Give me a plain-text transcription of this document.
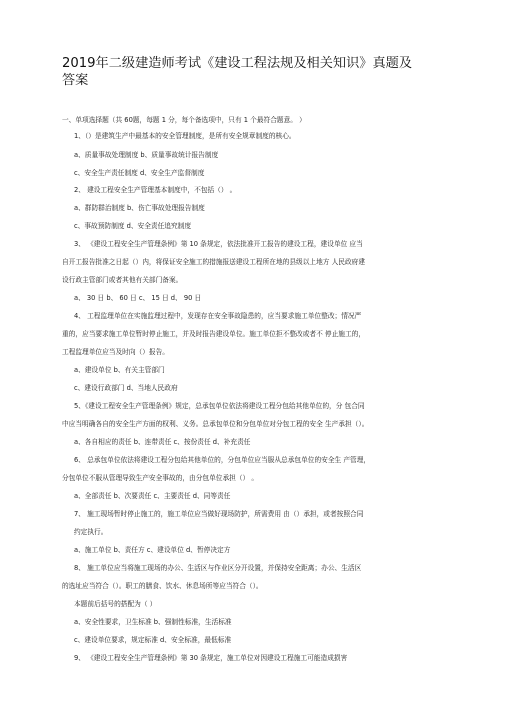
2019年二级建造师考试《建设工程法规及相关知识》真题及
答案
一、单项选择题（共 60题，每题 1 分，每个备选项中，只有 1 个最符合题意。 ）
1、（）是建筑生产中最基本的安全管理制度，是所有安全规章制度的核心。
a、质量事故处理制度 b、质量事故统计报告制度
c、安全生产责任制度 d、安全生产监督制度
2、 建设工程安全生产管理基本制度中，不包括（） 。
a、群防群治制度 b、伤亡事故处理报告制度
c、事故预防制度 d、安全责任追究制度
3、 《建设工程安全生产管理条例》第 10 条规定，依法批准开工报告的建设工程，建设单位 应当
自开工报告批准之日起（）内，将保证安全施工的措施报送建设工程所在地的县级以上地方 人民政府建
设行政主管部门或者其他有关部门备案。
a、 30 日 b、 60 日 c、 15 日 d、 90 日
4、 工程监理单位在实施监理过程中，发现存在安全事故隐患的，应当要求施工单位整改；情况严
重的，应当要求施工单位暂时停止施工，并及时报告建设单位。施工单位拒不整改或者不 停止施工的，
工程监理单位应当及时向（）报告。
a、建设单位 b、有关主管部门
c、建设行政部门 d、当地人民政府
5、《建设工程安全生产管理条例》规定，总承包单位依法将建设工程分包给其他单位的，分 包合同
中应当明确各自的安全生产方面的权利、义务。总承包单位和分包单位对分包工程的安全 生产承担（）。
a、各自相应的责任 b、连带责任 c、按份责任 d、补充责任
6、 总承包单位依法将建设工程分包给其他单位的，分包单位应当服从总承包单位的安全生 产管理，
分包单位不服从管理导致生产安全事故的，由分包单位承担（） 。
a、全部责任 b、次要责任 c、主要责任 d、同等责任
7、 施工现场暂时停止施工的，施工单位应当做好现场防护，所需费用 由（）承担，或者按照合同
约定执行。
a、施工单位 b、责任方 c、建设单位 d、暂停决定方
8、 施工单位应当将施工现场的办公、生活区与作业区分开设置，并保持安全距离；办公、生活区
的选址应当符合（）。职工的膳食、饮水、休息场所等应当符合（）。
本题前后括号的搭配为（ ）
a、安全性要求，卫生标准 b、强制性标准，生活标准
c、建设单位要求，规定标准 d、安全标准，最低标准
9、 《建设工程安全生产管理条例》第 30 条规定，施工单位对因建设工程施工可能造成损害
